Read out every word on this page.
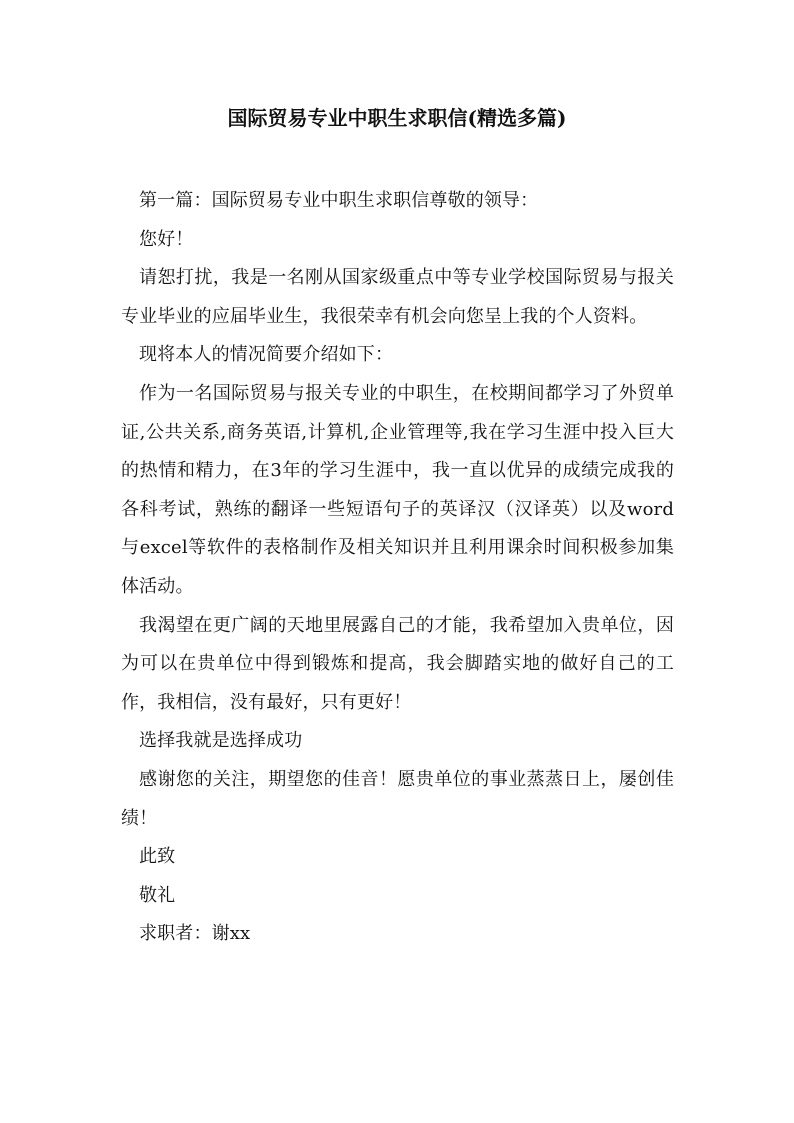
国际贸易专业中职生求职信(精选多篇)

第一篇：国际贸易专业中职生求职信尊敬的领导：

您好！

请恕打扰，我是一名刚从国家级重点中等专业学校国际贸易与报关专业毕业的应届毕业生，我很荣幸有机会向您呈上我的个人资料。

现将本人的情况简要介绍如下：

作为一名国际贸易与报关专业的中职生，在校期间都学习了外贸单证,公共关系,商务英语,计算机,企业管理等,我在学习生涯中投入巨大的热情和精力，在3年的学习生涯中，我一直以优异的成绩完成我的各科考试，熟练的翻译一些短语句子的英译汉（汉译英）以及word与excel等软件的表格制作及相关知识并且利用课余时间积极参加集体活动。

我渴望在更广阔的天地里展露自己的才能，我希望加入贵单位，因为可以在贵单位中得到锻炼和提高，我会脚踏实地的做好自己的工作，我相信，没有最好，只有更好！

选择我就是选择成功

感谢您的关注，期望您的佳音！愿贵单位的事业蒸蒸日上，屡创佳绩！

此致

敬礼

求职者：谢xx
